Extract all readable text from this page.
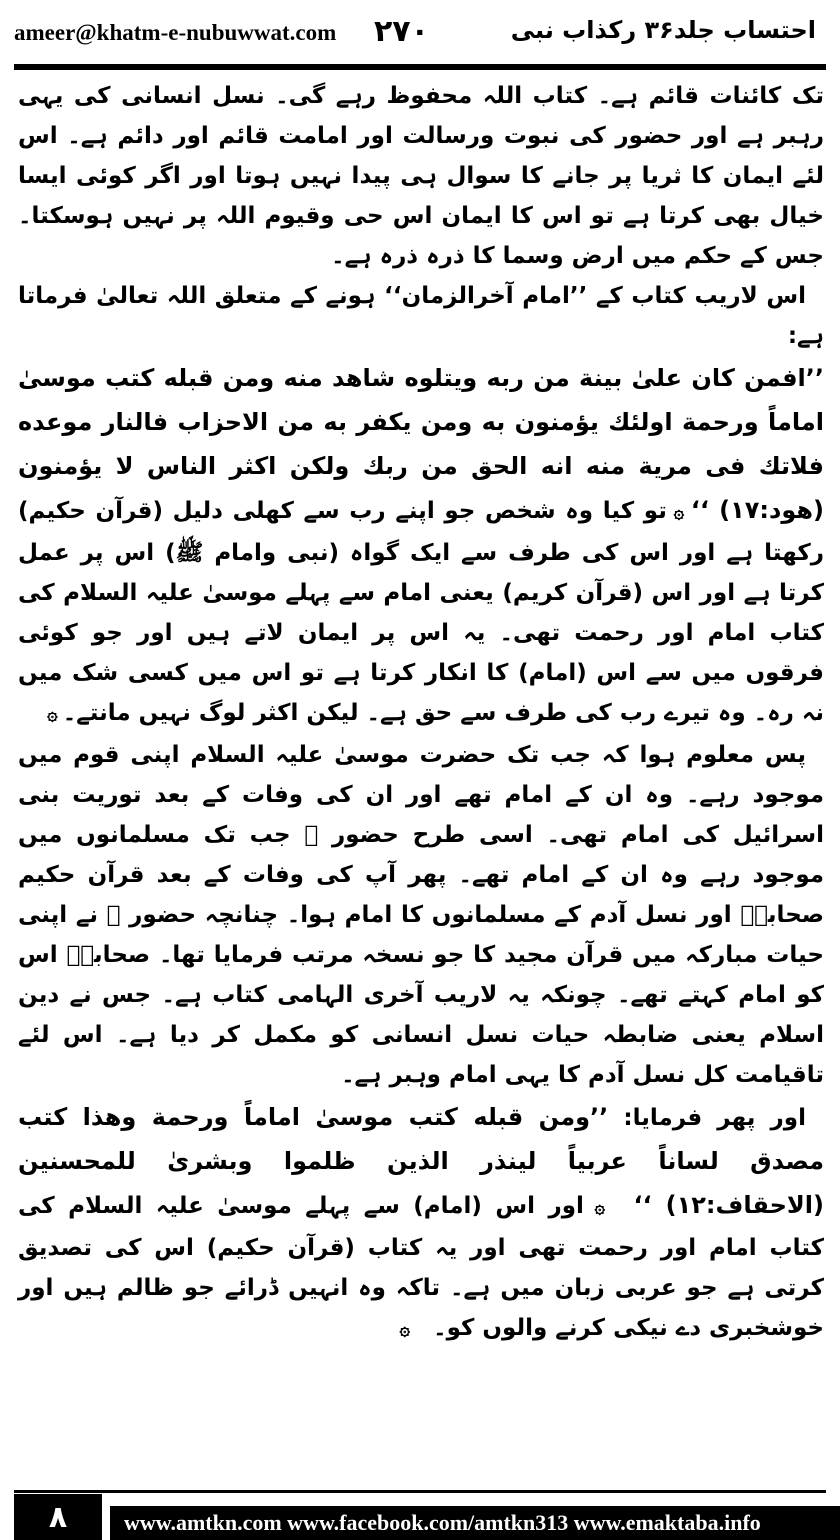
ameer@khatm-e-nubuwwat.com ۲۷۰	احتساب جلد۳۶ رکذاب نبی

تک کائنات قائم ہے۔ کتاب اللہ محفوظ رہے گی۔ نسل انسانی کی یہی رہبر ہے اور حضور کی نبوت ورسالت اور امامت قائم اور دائم ہے۔ اس لئے ایمان کا ثریا پر جانے کا سوال ہی پیدا نہیں ہوتا اور اگر کوئی ایسا خیال بھی کرتا ہے تو اس کا ایمان اس حی وقیوم اللہ پر نہیں ہوسکتا۔ جس کے حکم میں ارض وسما کا ذرہ ذرہ ہے۔

اس لاریب کتاب کے ’’امام آخرالزمان‘‘ ہونے کے متعلق اللہ تعالیٰ فرماتا ہے:

’’افمن كان علىٰ بينة من ربه ويتلوه شاهد منه ومن قبله كتب موسىٰ اماماً ورحمة اولئك يؤمنون به ومن يكفر به من الاحزاب فالنار موعده فلاتك فى مرية منه انه الحق من ربك ولكن اكثر الناس لا يؤمنون (هود:١٧) ‘‘ ۞ تو کیا وہ شخص جو اپنے رب سے کھلی دلیل (قرآن حکیم) رکھتا ہے اور اس کی طرف سے ایک گواہ (نبی وامام ﷺ) اس پر عمل کرتا ہے اور اس (قرآن کریم) یعنی امام سے پہلے موسیٰ علیہ السلام کی کتاب امام اور رحمت تھی۔ یہ اس پر ایمان لاتے ہیں اور جو کوئی فرقوں میں سے اس (امام) کا انکار کرتا ہے تو اس میں کسی شک میں نہ رہ۔ وہ تیرے رب کی طرف سے حق ہے۔ لیکن اکثر لوگ نہیں مانتے۔ ۞

پس معلوم ہوا کہ جب تک حضرت موسیٰ علیہ السلام اپنی قوم میں موجود رہے۔ وہ ان کے امام تھے اور ان کی وفات کے بعد توریت بنی اسرائیل کی امام تھی۔ اسی طرح حضور ﷺ جب تک مسلمانوں میں موجود رہے وہ ان کے امام تھے۔ پھر آپ کی وفات کے بعد قرآن حکیم صحابہؓ اور نسل آدم کے مسلمانوں کا امام ہوا۔ چنانچہ حضور ﷺ نے اپنی حیات مبارکہ میں قرآن مجید کا جو نسخہ مرتب فرمایا تھا۔ صحابہؓ اس کو امام کہتے تھے۔ چونکہ یہ لاریب آخری الہامی کتاب ہے۔ جس نے دین اسلام یعنی ضابطہ حیات نسل انسانی کو مکمل کر دیا ہے۔ اس لئے تاقیامت کل نسل آدم کا یہی امام وہبر ہے۔

اور پھر فرمایا: ’’ومن قبله كتب موسىٰ اماماً ورحمة وهذا كتب مصدق لساناً عربياً لينذر الذين ظلموا وبشرىٰ للمحسنين (الاحقاف:١٢) ‘‘ ۞ اور اس (امام) سے پہلے موسیٰ علیہ السلام کی کتاب امام اور رحمت تھی اور یہ کتاب (قرآن حکیم) اس کی تصدیق کرتی ہے جو عربی زبان میں ہے۔ تاکہ وہ انہیں ڈرائے جو ظالم ہیں اور خوشخبری دے نیکی کرنے والوں کو۔ ۞

۸	www.amtkn.com www.facebook.com/amtkn313 www.emaktaba.info
